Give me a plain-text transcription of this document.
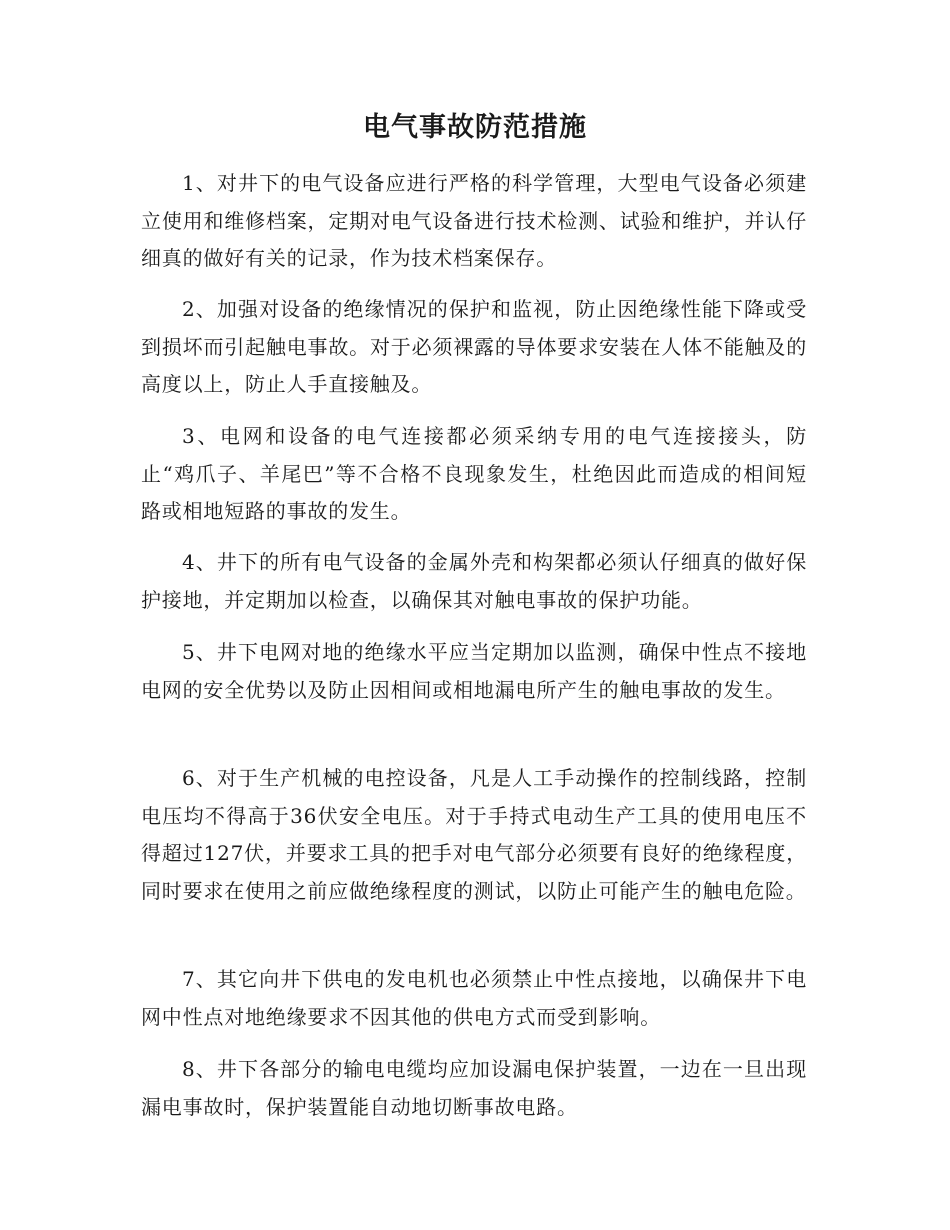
电气事故防范措施

1、对井下的电气设备应进行严格的科学管理，大型电气设备必须建立使用和维修档案，定期对电气设备进行技术检测、试验和维护，并认仔细真的做好有关的记录，作为技术档案保存。

2、加强对设备的绝缘情况的保护和监视，防止因绝缘性能下降或受到损坏而引起触电事故。对于必须裸露的导体要求安装在人体不能触及的高度以上，防止人手直接触及。

3、电网和设备的电气连接都必须采纳专用的电气连接接头，防止“鸡爪子、羊尾巴”等不合格不良现象发生，杜绝因此而造成的相间短路或相地短路的事故的发生。

4、井下的所有电气设备的金属外壳和构架都必须认仔细真的做好保护接地，并定期加以检查，以确保其对触电事故的保护功能。

5、井下电网对地的绝缘水平应当定期加以监测，确保中性点不接地电网的安全优势以及防止因相间或相地漏电所产生的触电事故的发生。

6、对于生产机械的电控设备，凡是人工手动操作的控制线路，控制电压均不得高于36伏安全电压。对于手持式电动生产工具的使用电压不得超过127伏，并要求工具的把手对电气部分必须要有良好的绝缘程度，同时要求在使用之前应做绝缘程度的测试，以防止可能产生的触电危险。

7、其它向井下供电的发电机也必须禁止中性点接地，以确保井下电网中性点对地绝缘要求不因其他的供电方式而受到影响。

8、井下各部分的输电电缆均应加设漏电保护装置，一边在一旦出现漏电事故时，保护装置能自动地切断事故电路。
